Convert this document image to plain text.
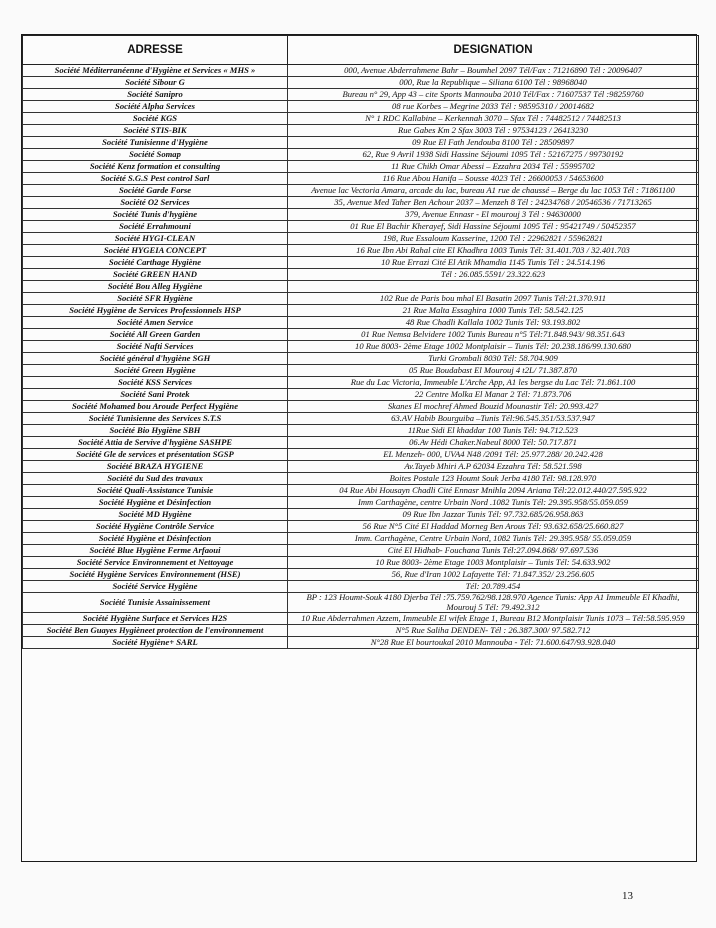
ADRESSE	DESIGNATION
Société Méditerranéenne d'Hygiène et Services « MHS »	000, Avenue Abderrahmene Bahr – Boumhel 2097 Tél/Fax : 71216890 Tél : 20096407
Société Sibour G	000, Rue la Republique – Siliana 6100 Tél : 98968040
Société Sanipro	Bureau n° 29, App 43 – cite Sports Mannouba 2010 Tél/Fax : 71607537 Tél :98259760
Société Alpha Services	08 rue Korbes – Megrine 2033 Tél : 98595310 / 20014682
Société KGS	N° 1 RDC Kallabine – Kerkennah 3070 – Sfax Tél : 74482512 / 74482513
Société STIS-BIK	Rue Gabes Km 2 Sfax 3003 Tél : 97534123 / 26413230
Société Tunisienne d'Hygiène	09 Rue El Fath Jendouba 8100 Tél : 28509897
Société Somap	62, Rue 9 Avril 1938 Sidi Hassine Séjoumi 1095 Tél : 52167275 / 99730192
Société Kenz formation et consulting	11 Rue Chikh Omar Abessi – Ezzahra 2034 Tél : 55995702
Société S.G.S Pest control Sarl	116 Rue Abou Hanifa – Sousse 4023 Tél : 26600053 / 54653600
Société Garde Forse	Avenue lac Vectoria Amara, arcade du lac, bureau A1 rue de chaussé – Berge du lac 1053 Tél : 71861100
Société O2 Services	35, Avenue Med Taher Ben Achour 2037 – Menzeh 8 Tél : 24234768 / 20546536 / 71713265
Société Tunis d'hygiène	379, Avenue Ennasr - El mourouj 3 Tél : 94630000
Société Errahmouni	01 Rue El Bachir Kherayef, Sidi Hassine Séjoumi 1095 Tél : 95421749 / 50452357
Société HYGI-CLEAN	198, Rue Essaloum Kasserine, 1200 Tél : 22962821 / 55962821
Société HYGEIA CONCEPT	16 Rue Ibn Abi Rahal cite El Khadhra 1003 Tunis Tél: 31.401.703 / 32.401.703
Société Carthage Hygiène	10 Rue Errazi Cité El Atik Mhamdia 1145 Tunis Tél : 24.514.196
Société GREEN HAND	Tél : 26.085.5591/ 23.322.623
Société Bou Alleg Hygiène	
Société SFR Hygiène	102 Rue de Paris bou mhal El Basatin 2097 Tunis Tél:21.370.911
Société Hygiène de Services Professionnels HSP	21 Rue Malta Essaghira 1000 Tunis Tél: 58.542.125
Société Amen Service	48 Rue Chadli Kallala 1002 Tunis Tél: 93.193.802
Société All Green Garden	01 Rue Nemsa Belvidere 1002 Tunis Bureau n°5 Tél:71.848.943/ 98.351.643
Société Nafti Services	10 Rue 8003- 2ème Etage 1002 Montplaisir – Tunis Tél: 20.238.186/99.130.680
Société général d'hygiène SGH	Turki Grombali 8030 Tél: 58.704.909
Société Green Hygiène	05 Rue Boudabast El Mourouj 4 t2L/ 71.387.870
Société KSS Services	Rue du Lac Victoria, Immeuble L'Arche App, A1 les bergse du Lac Tél: 71.861.100
Société Sani Protek	22 Centre Molka El Manar 2 Tél: 71.873.706
Société Mohamed bou Aroude Perfect Hygiène	Skanes El mochref Ahmed Bouzid Mounastir Tél: 20.993.427
Société Tunisienne des Services S.T.S	63.AV Habib Bourguiba –Tunis Tél:96.545.351/53.537.947
Société Bio Hygiène SBH	11Rue Sidi El khaddar 100 Tunis Tél: 94.712.523
Société Attia de Servive d'hygiène SASHPE	06.Av Hédi Chaker.Nabeul 8000 Tél: 50.717.871
Société Gle de services et présentation SGSP	EL Menzeh- 000, UVA4 N48 /2091 Tél: 25.977.288/ 20.242.428
Société BRAZA HYGIENE	Av.Tayeb Mhiri A.P 62034 Ezzahra Tél: 58.521.598
Société du Sud des travaux	Boites Postale 123 Houmt Souk Jerba 4180 Tél: 98.128.970
Société Quali-Assistance Tunisie	04 Rue Abi Housayn Chadli Cité Ennasr Mnihla 2094 Ariana Tél:22.012.440/27.595.922
Société Hygiène et Désinfection	Imm Carthagène, centre Urbain Nord .1082 Tunis Tél: 29.395.958/55.059.059
Société MD Hygiène	09 Rue Ibn Jazzar Tunis Tél: 97.732.685/26.958.863
Société Hygiène Contrôle Service	56 Rue N°5 Cité El Haddad Morneg Ben Arous Tél: 93.632.658/25.660.827
Société Hygiène et Désinfection	Imm. Carthagène, Centre Urbain Nord, 1082 Tunis Tél: 29.395.958/ 55.059.059
Société Blue Hygiène Ferme Arfaoui	Cité El Hidhab- Fouchana Tunis Tél:27.094.868/ 97.697.536
Société Service Environnement et Nettoyage	10 Rue 8003- 2ème Etage 1003 Montplaisir – Tunis Tél: 54.633.902
Société Hygiène Services Environnement (HSE)	56, Rue d'Iran 1002 Lafayette Tél: 71.847.352/ 23.256.605
Société Service Hygiène	Tél: 20.789.454
Société Tunisie Assainissement	BP : 123 Houmt-Souk 4180 Djerba Tél :75.759.762/98.128.970 Agence Tunis: App A1 Immeuble El Khadhi, Mourouj 5 Tél: 79.492.312
Société Hygiène Surface et Services H2S	10 Rue Abderrahmen Azzem, Immeuble El wifek Etage 1, Bureau B12 Montplaisir Tunis 1073 – Tél:58.595.959
Société Ben Guayes Hygièneet protection de l'environnement	N°5 Rue Saliha DENDEN- Tél : 26.387.300/ 97.582.712
Société Hygiène+ SARL	N°28 Rue El bourtoukal 2010 Mannouba - Tél: 71.600.647/93.928.040
13
